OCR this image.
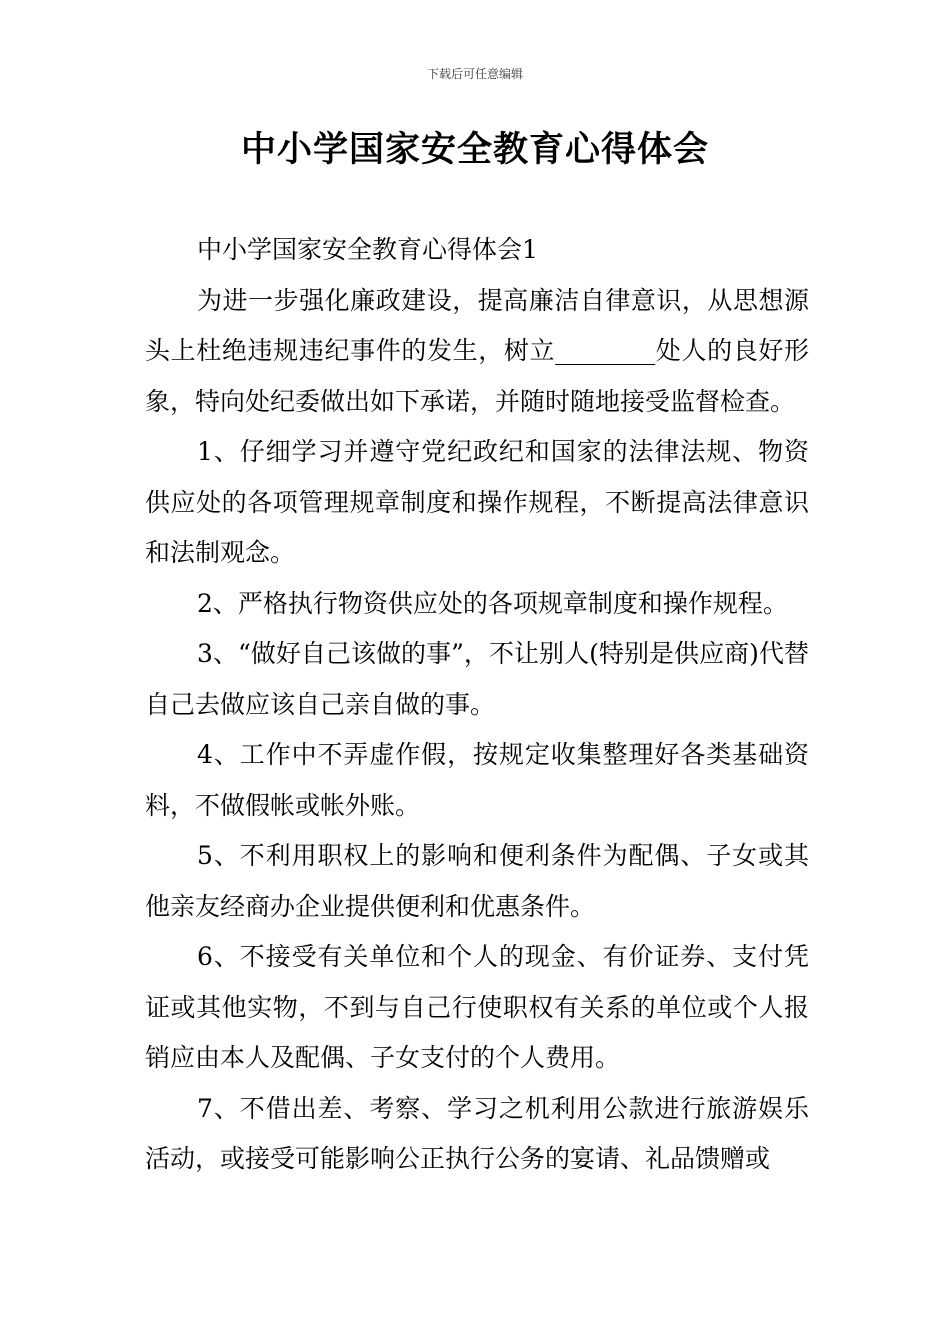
下载后可任意编辑
中小学国家安全教育心得体会

中小学国家安全教育心得体会1

为进一步强化廉政建设，提高廉洁自律意识，从思想源头上杜绝违规违纪事件的发生，树立________处人的良好形象，特向处纪委做出如下承诺，并随时随地接受监督检查。

1、仔细学习并遵守党纪政纪和国家的法律法规、物资供应处的各项管理规章制度和操作规程，不断提高法律意识和法制观念。

2、严格执行物资供应处的各项规章制度和操作规程。

3、“做好自己该做的事”，不让别人(特别是供应商)代替自己去做应该自己亲自做的事。

4、工作中不弄虚作假，按规定收集整理好各类基础资料，不做假帐或帐外账。

5、不利用职权上的影响和便利条件为配偶、子女或其他亲友经商办企业提供便利和优惠条件。

6、不接受有关单位和个人的现金、有价证券、支付凭证或其他实物，不到与自己行使职权有关系的单位或个人报销应由本人及配偶、子女支付的个人费用。

7、不借出差、考察、学习之机利用公款进行旅游娱乐活动，或接受可能影响公正执行公务的宴请、礼品馈赠或
